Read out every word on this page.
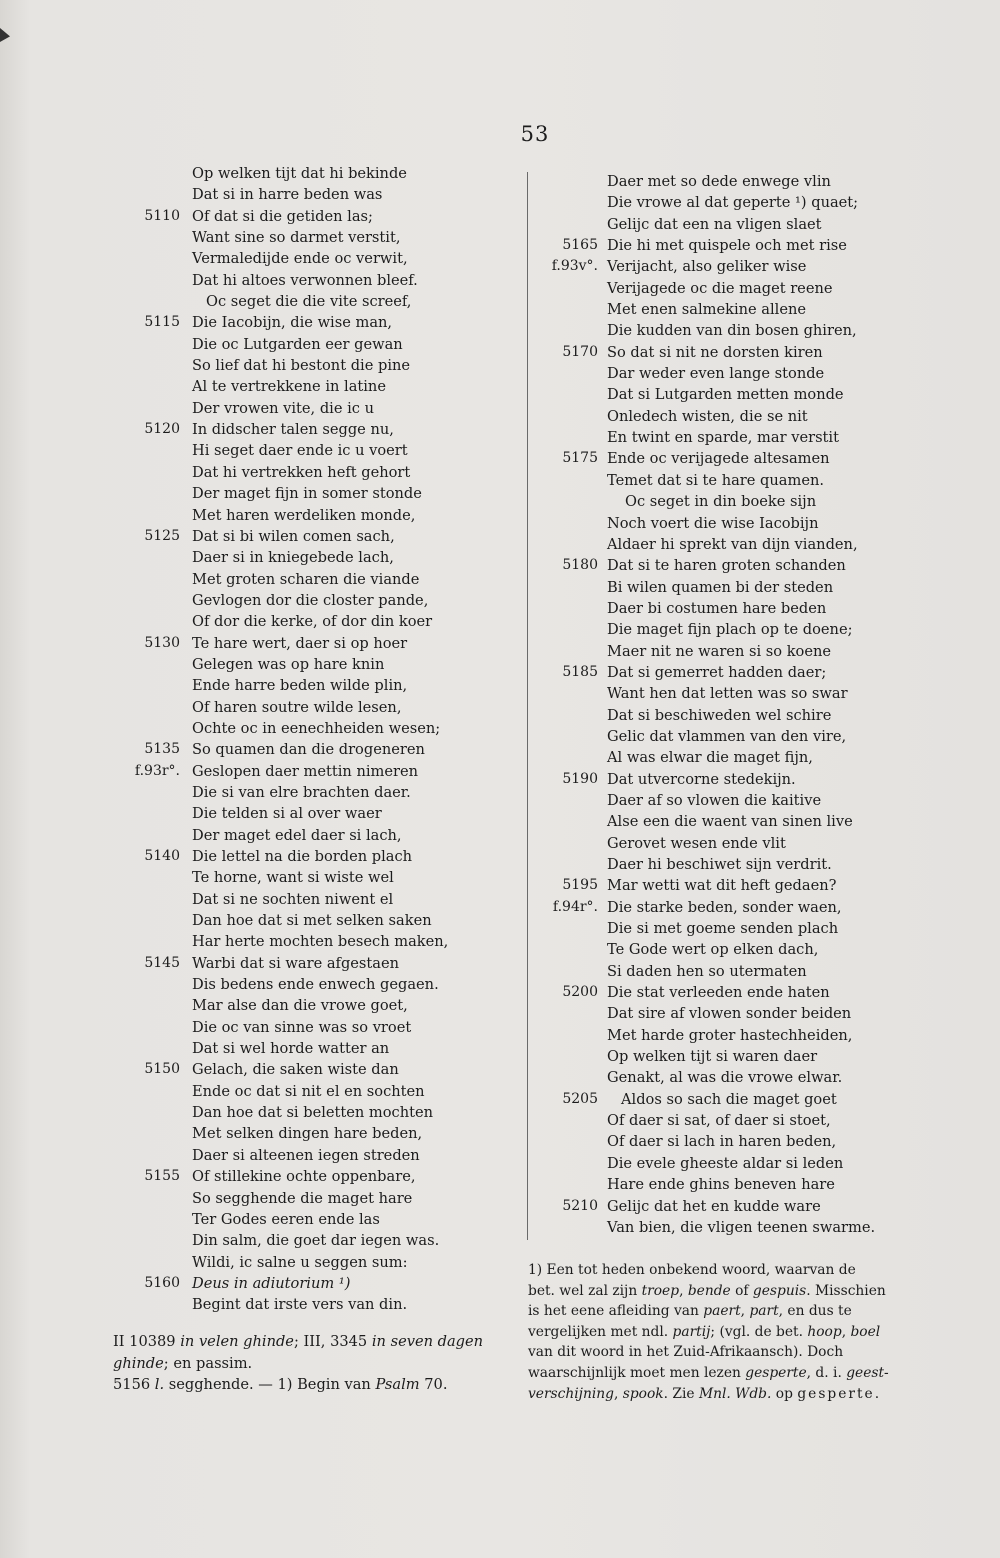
53
Op welken tijt dat hi bekinde
Dat si in harre beden was
5110 Of dat si die getiden las;
Want sine so darmet verstit,
Vermaledijde ende oc verwit,
Dat hi altoes verwonnen bleef.
Oc seget die die vite screef,
5115 Die Iacobijn, die wise man,
Die oc Lutgarden eer gewan
So lief dat hi bestont die pine
Al te vertrekkene in latine
Der vrowen vite, die ic u
5120 In didscher talen segge nu,
Hi seget daer ende ic u voert
Dat hi vertrekken heft gehort
Der maget fijn in somer stonde
Met haren werdeliken monde,
5125 Dat si bi wilen comen sach,
Daer si in kniegebede lach,
Met groten scharen die viande
Gevlogen dor die closter pande,
Of dor die kerke, of dor din koer
5130 Te hare wert, daer si op hoer
Gelegen was op hare knin
Ende harre beden wilde plin,
Of haren soutre wilde lesen,
Ochte oc in eenechheiden wesen;
5135 So quamen dan die drogeneren
f.93r°. Geslopen daer mettin nimeren
Die si van elre brachten daer.
Die telden si al over waer
Der maget edel daer si lach,
5140 Die lettel na die borden plach
Te horne, want si wiste wel
Dat si ne sochten niwent el
Dan hoe dat si met selken saken
Har herte mochten besech maken,
5145 Warbi dat si ware afgestaen
Dis bedens ende enwech gegaen.
Mar alse dan die vrowe goet,
Die oc van sinne was so vroet
Dat si wel horde watter an
5150 Gelach, die saken wiste dan
Ende oc dat si nit el en sochten
Dan hoe dat si beletten mochten
Met selken dingen hare beden,
Daer si alteenen iegen streden
5155 Of stillekine ochte oppenbare,
So segghende die maget hare
Ter Godes eeren ende las
Din salm, die goet dar iegen was.
Wildi, ic salne u seggen sum:
5160 Deus in adiutorium ¹)
Begint dat irste vers van din.
Daer met so dede enwege vlin
Die vrowe al dat geperte ¹) quaet;
Gelijc dat een na vligen slaet
5165 Die hi met quispele och met rise
f.93v°. Verijacht, also geliker wise
Verijagede oc die maget reene
Met enen salmekine allene
Die kudden van din bosen ghiren,
5170 So dat si nit ne dorsten kiren
Dar weder even lange stonde
Dat si Lutgarden metten monde
Onledech wisten, die se nit
En twint en sparde, mar verstit
5175 Ende oc verijagede altesamen
Temet dat si te hare quamen.
Oc seget in din boeke sijn
Noch voert die wise Iacobijn
Aldaer hi sprekt van dijn vianden,
5180 Dat si te haren groten schanden
Bi wilen quamen bi der steden
Daer bi costumen hare beden
Die maget fijn plach op te doene;
Maer nit ne waren si so koene
5185 Dat si gemerret hadden daer;
Want hen dat letten was so swar
Dat si beschiweden wel schire
Gelic dat vlammen van den vire,
Al was elwar die maget fijn,
5190 Dat utvercorne stedekijn.
Daer af so vlowen die kaitive
Alse een die waent van sinen live
Gerovet wesen ende vlit
Daer hi beschiwet sijn verdrit.
5195 Mar wetti wat dit heft gedaen?
f.94r°. Die starke beden, sonder waen,
Die si met goeme senden plach
Te Gode wert op elken dach,
Si daden hen so utermaten
5200 Die stat verleeden ende haten
Dat sire af vlowen sonder beiden
Met harde groter hastechheiden,
Op welken tijt si waren daer
Genakt, al was die vrowe elwar.
5205 Aldos so sach die maget goet
Of daer si sat, of daer si stoet,
Of daer si lach in haren beden,
Die evele gheeste aldar si leden
Hare ende ghins beneven hare
5210 Gelijc dat het en kudde ware
Van bien, die vligen teenen swarme.

II 10389 in velen ghinde; III, 3345 in seven dagen

ghinde; en passim.

5156 l. segghende. — 1) Begin van Psalm 70.

1) Een tot heden onbekend woord, waarvan de

bet. wel zal zijn troep, bende of gespuis. Misschien

is het eene afleiding van paert, part, en dus te

vergelijken met ndl. partij; (vgl. de bet. hoop, boel

van dit woord in het Zuid-Afrikaansch). Doch

waarschijnlijk moet men lezen gesperte, d. i. geest-

verschijning, spook. Zie Mnl. Wdb. op gesperte.
